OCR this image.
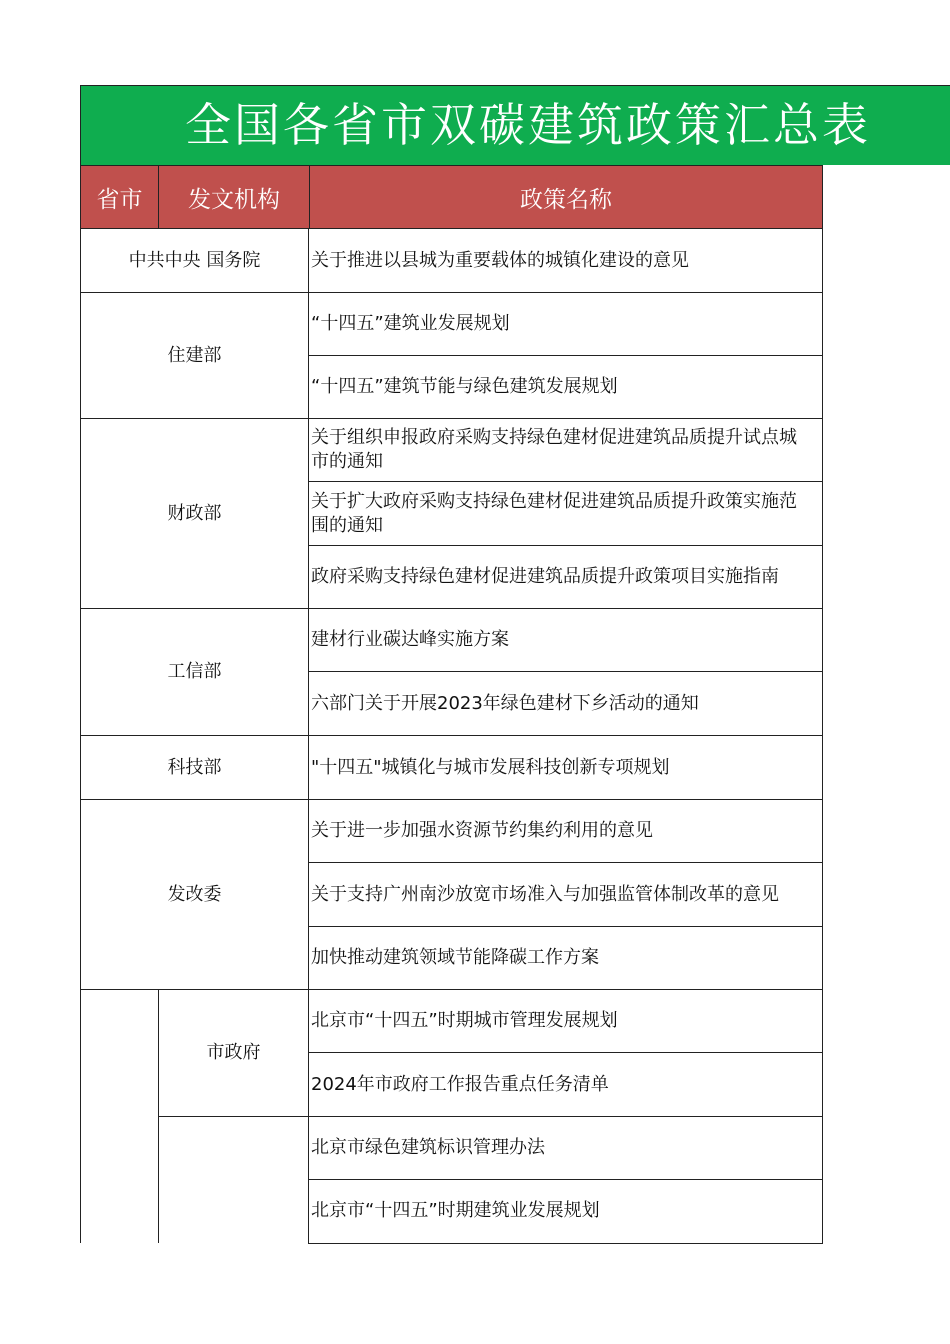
全国各省市双碳建筑政策汇总表
省市	发文机构	政策名称
中共中央 国务院
住建部
财政部
工信部
科技部
发改委
市政府
关于推进以县城为重要载体的城镇化建设的意见
“十四五”建筑业发展规划
“十四五”建筑节能与绿色建筑发展规划
关于组织申报政府采购支持绿色建材促进建筑品质提升试点城市的通知
关于扩大政府采购支持绿色建材促进建筑品质提升政策实施范围的通知
政府采购支持绿色建材促进建筑品质提升政策项目实施指南
建材行业碳达峰实施方案
六部门关于开展2023年绿色建材下乡活动的通知
"十四五"城镇化与城市发展科技创新专项规划
关于进一步加强水资源节约集约利用的意见
关于支持广州南沙放宽市场准入与加强监管体制改革的意见
加快推动建筑领域节能降碳工作方案
北京市“十四五”时期城市管理发展规划
2024年市政府工作报告重点任务清单
北京市绿色建筑标识管理办法
北京市“十四五”时期建筑业发展规划
